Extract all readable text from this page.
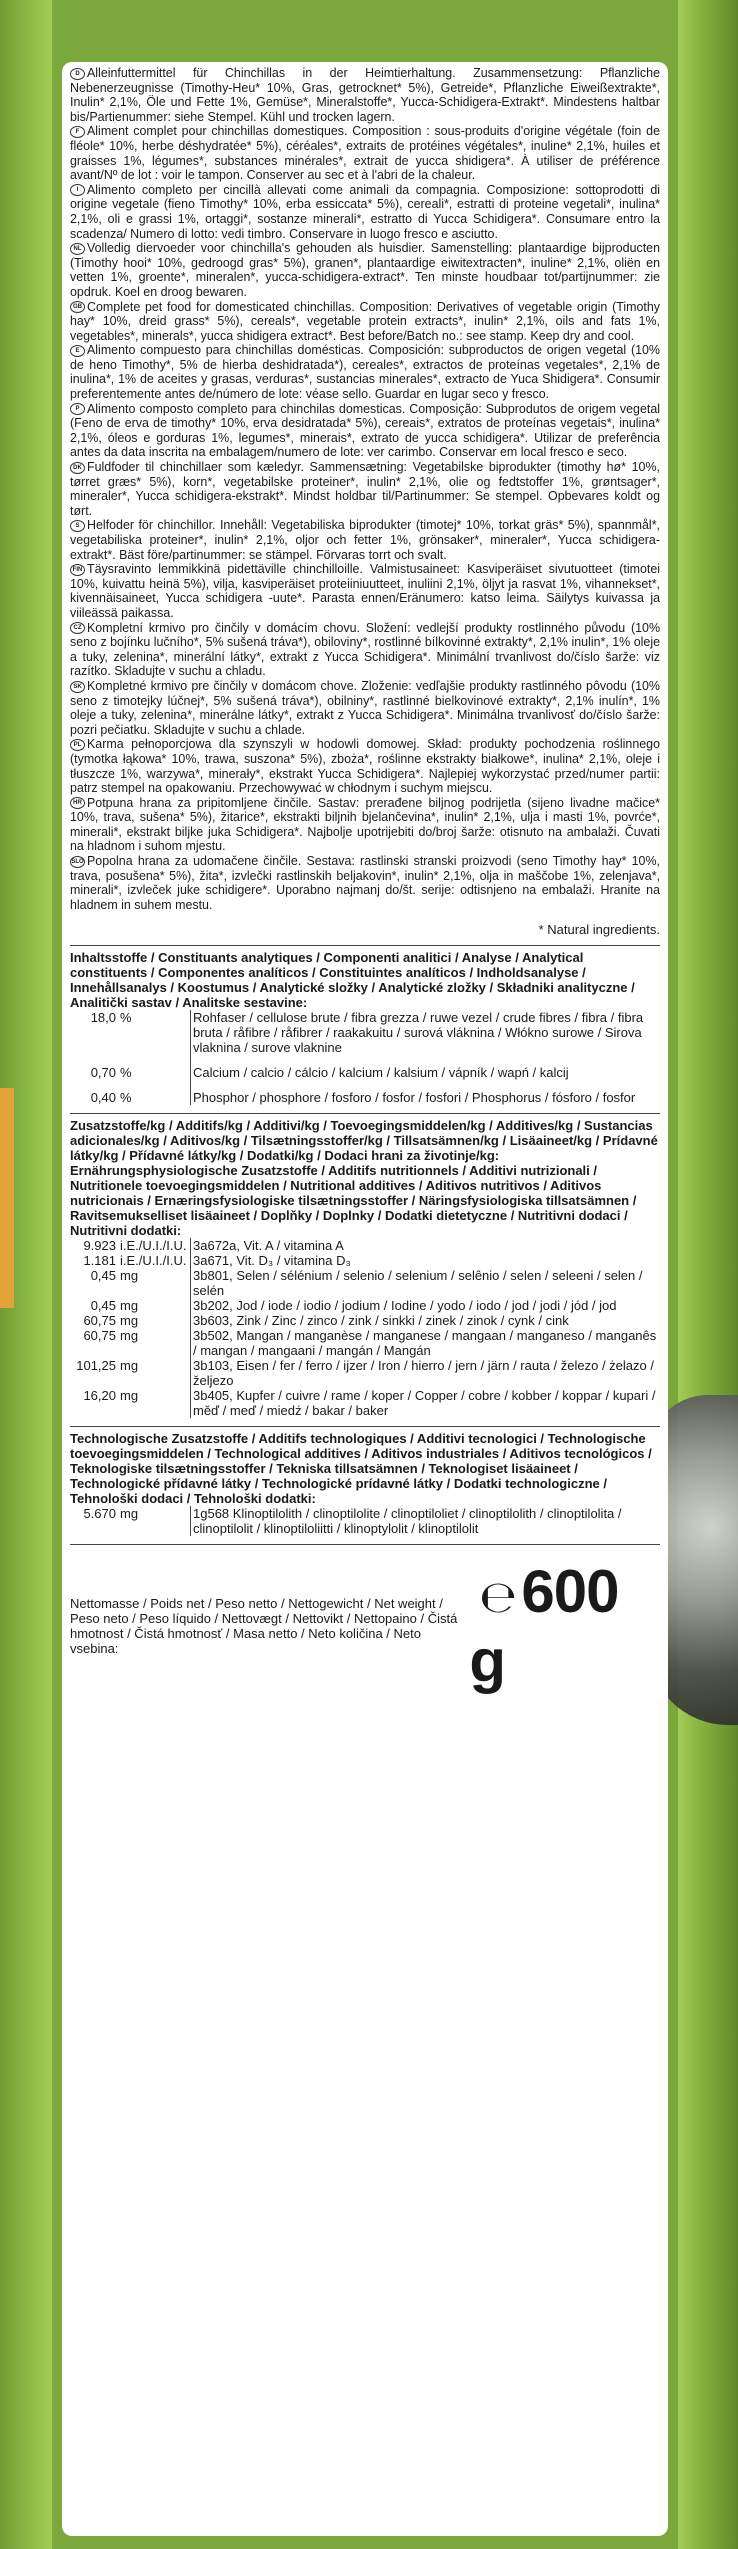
D Alleinfuttermittel für Chinchillas in der Heimtierhaltung. Zusammensetzung: Pflanzliche Nebenerzeugnisse (Timothy-Heu* 10%, Gras, getrocknet* 5%), Getreide*, Pflanzliche Eiweißextrakte*, Inulin* 2,1%, Öle und Fette 1%, Gemüse*, Mineralstoffe*, Yucca-Schidigera-Extrakt*. Mindestens haltbar bis/Partienummer: siehe Stempel. Kühl und trocken lagern.

F Aliment complet pour chinchillas domestiques. Composition : sous-produits d'origine végétale (foin de fléole* 10%, herbe déshydratée* 5%), céréales*, extraits de protéines végétales*, inuline* 2,1%, huiles et graisses 1%, légumes*, substances minérales*, extrait de yucca shidigera*. À utiliser de préférence avant/Nº de lot : voir le tampon. Conserver au sec et à l'abri de la chaleur.

I Alimento completo per cincillà allevati come animali da compagnia. Composizione: sottoprodotti di origine vegetale (fieno Timothy* 10%, erba essiccata* 5%), cereali*, estratti di proteine vegetali*, inulina* 2,1%, oli e grassi 1%, ortaggi*, sostanze minerali*, estratto di Yucca Schidigera*. Consumare entro la scadenza/ Numero di lotto: vedi timbro. Conservare in luogo fresco e asciutto.

NL Volledig diervoeder voor chinchilla's gehouden als huisdier. Samenstelling: plantaardige bijproducten (Timothy hooi* 10%, gedroogd gras* 5%), granen*, plantaardige eiwitextracten*, inuline* 2,1%, oliën en vetten 1%, groente*, mineralen*, yucca-schidigera-extract*. Ten minste houdbaar tot/partijnummer: zie opdruk. Koel en droog bewaren.

GB Complete pet food for domesticated chinchillas. Composition: Derivatives of vegetable origin (Timothy hay* 10%, dreid grass* 5%), cereals*, vegetable protein extracts*, inulin* 2,1%, oils and fats 1%, vegetables*, minerals*, yucca shidigera extract*. Best before/Batch no.: see stamp. Keep dry and cool.

E Alimento compuesto para chinchillas domésticas. Composición: subproductos de origen vegetal (10% de heno Timothy*, 5% de hierba deshidratada*), cereales*, extractos de proteínas vegetales*, 2,1% de inulina*, 1% de aceites y grasas, verduras*, sustancias minerales*, extracto de Yuca Shidigera*. Consumir preferentemente antes de/número de lote: véase sello. Guardar en lugar seco y fresco.

P Alimento composto completo para chinchilas domesticas. Composição: Subprodutos de origem vegetal (Feno de erva de timothy* 10%, erva desidratada* 5%), cereais*, extratos de proteínas vegetais*, inulina* 2,1%, óleos e gorduras 1%, legumes*, minerais*, extrato de yucca schidigera*. Utilizar de preferência antes da data inscrita na embalagem/numero de lote: ver carimbo. Conservar em local fresco e seco.

DK Fuldfoder til chinchillaer som kæledyr. Sammensætning: Vegetabilske biprodukter (timothy hø* 10%, tørret græs* 5%), korn*, vegetabilske proteiner*, inulin* 2,1%, olie og fedtstoffer 1%, grøntsager*, mineraler*, Yucca schidigera-ekstrakt*. Mindst holdbar til/Partinummer: Se stempel. Opbevares koldt og tørt.

S Helfoder för chinchillor. Innehåll: Vegetabiliska biprodukter (timotej* 10%, torkat gräs* 5%), spannmål*, vegetabiliska proteiner*, inulin* 2,1%, oljor och fetter 1%, grönsaker*, mineraler*, Yucca schidigera-extrakt*. Bäst före/partinummer: se stämpel. Förvaras torrt och svalt.

FIN Täysravinto lemmikkinä pidettäville chinchilloille. Valmistusaineet: Kasviperäiset sivutuotteet (timotei 10%, kuivattu heinä 5%), vilja, kasviperäiset proteiiniuutteet, inuliini 2,1%, öljyt ja rasvat 1%, vihannekset*, kivennäisaineet, Yucca schidigera -uute*. Parasta ennen/Eränumero: katso leima. Säilytys kuivassa ja viileässä paikassa.

CZ Kompletní krmivo pro činčily v domácím chovu. Složení: vedlejší produkty rostlinného původu (10% seno z bojínku lučního*, 5% sušená tráva*), obiloviny*, rostlinné bílkovinné extrakty*, 2,1% inulin*, 1% oleje a tuky, zelenina*, minerální látky*, extrakt z Yucca Schidigera*. Minimální trvanlivost do/číslo šarže: viz razítko. Skladujte v suchu a chladu.

SK Kompletné krmivo pre činčily v domácom chove. Zloženie: vedľajšie produkty rastlinného pôvodu (10% seno z timotejky lúčnej*, 5% sušená tráva*), obilniny*, rastlinné bielkovinové extrakty*, 2,1% inulín*, 1% oleje a tuky, zelenina*, minerálne látky*, extrakt z Yucca Schidigera*. Minimálna trvanlivosť do/číslo šarže: pozri pečiatku. Skladujte v suchu a chlade.

PL Karma pełnoporcjowa dla szynszyli w hodowli domowej. Skład: produkty pochodzenia roślinnego (tymotka łąkowa* 10%, trawa, suszona* 5%), zboża*, roślinne ekstrakty białkowe*, inulina* 2,1%, oleje i tłuszcze 1%, warzywa*, minerały*, ekstrakt Yucca Schidigera*. Najlepiej wykorzystać przed/numer partii: patrz stempel na opakowaniu. Przechowywać w chłodnym i suchym miejscu.

HR Potpuna hrana za pripitomljene činčile. Sastav: prerađene biljnog podrijetla (sijeno livadne mačice* 10%, trava, sušena* 5%), žitarice*, ekstrakti biljnih bjelančevina*, inulin* 2,1%, ulja i masti 1%, povrće*, minerali*, ekstrakt biljke juka Schidigera*. Najbolje upotrijebiti do/broj šarže: otisnuto na ambalaži. Čuvati na hladnom i suhom mjestu.

SLO Popolna hrana za udomačene činčile. Sestava: rastlinski stranski proizvodi (seno Timothy hay* 10%, trava, posušena* 5%), žita*, izvlečki rastlinskih beljakovin*, inulin* 2,1%, olja in maščobe 1%, zelenjava*, minerali*, izvleček juke schidigere*. Uporabno najmanj do/št. serije: odtisnjeno na embalaži. Hranite na hladnem in suhem mestu.

* Natural ingredients.
Inhaltsstoffe / Constituants analytiques / Componenti analitici / Analyse / Analytical constituents / Componentes analíticos / Constituintes analíticos / Indholdsanalyse / Innehållsanalys / Koostumus / Analytické složky / Analytické zložky / Składniki analityczne / Analitički sastav / Analitske sestavine:
18,0	%	Rohfaser / cellulose brute / fibra grezza / ruwe vezel / crude fibres / fibra / fibra bruta / råfibre / råfibrer / raakakuitu / surová vláknina / Włókno surowe / Sirova vlaknina / surove vlaknine
0,70	%	Calcium / calcio / cálcio / kalcium / kalsium / vápník / wapń / kalcij
0,40	%	Phosphor / phosphore / fosforo / fosfor / fosfori / Phosphorus / fósforo / fosfor
Zusatzstoffe/kg / Additifs/kg / Additivi/kg / Toevoegingsmiddelen/kg / Additives/kg / Sustancias adicionales/kg / Aditivos/kg / Tilsætningsstoffer/kg / Tillsatsämnen/kg / Lisäaineet/kg / Prídavné látky/kg / Přídavné látky/kg / Dodatki/kg / Dodaci hrani za životinje/kg:
Ernährungsphysiologische Zusatzstoffe / Additifs nutritionnels / Additivi nutrizionali / Nutritionele toevoegingsmiddelen / Nutritional additives / Aditivos nutritivos / Aditivos nutricionais / Ernæringsfysiologiske tilsætningsstoffer / Näringsfysiologiska tillsatsämnen / Ravitsemukselliset lisäaineet / Doplňky / Doplnky / Dodatki dietetyczne / Nutritivni dodaci / Nutritivni dodatki:
9.923	i.E./U.I./I.U.	3a672a, Vit. A / vitamina A
1.181	i.E./U.I./I.U.	3a671, Vit. D₃ / vitamina D₃
0,45	mg	3b801, Selen / sélénium / selenio / selenium / selênio / selen / seleeni / selen / selén
0,45	mg	3b202, Jod / iode / iodio / jodium / Iodine / yodo / iodo / jod / jodi / jód / jod
60,75	mg	3b603, Zink / Zinc / zinco / zink / sinkki / zinek / zinok / cynk / cink
60,75	mg	3b502, Mangan / manganèse / manganese / mangaan / manganeso / manganês / mangan / mangaani / mangán / Mangán
101,25	mg	3b103, Eisen / fer / ferro / ijzer / Iron / hierro / jern / järn / rauta / železo / żelazo / željezo
16,20	mg	3b405, Kupfer / cuivre / rame / koper / Copper / cobre / kobber / koppar / kupari / měď / meď / miedź / bakar / baker
Technologische Zusatzstoffe / Additifs technologiques / Additivi tecnologici / Technologische toevoegingsmiddelen / Technological additives / Aditivos industriales / Aditivos tecnológicos / Teknologiske tilsætningsstoffer / Tekniska tillsatsämnen / Teknologiset lisäaineet / Technologické přídavné látky / Technologické prídavné látky / Dodatki technologiczne / Tehnološki dodaci / Tehnološki dodatki:
5.670	mg	1g568 Klinoptilolith / clinoptilolite / clinoptiloliet / clinoptilolith / clinoptilolita / clinoptilolit / klinoptiloliitti / klinoptylolit / klinoptilolit
Nettomasse / Poids net / Peso netto / Nettogewicht / Net weight / Peso neto / Peso líquido / Nettovægt / Nettovikt / Nettopaino / Čistá hmotnost / Čistá hmotnosť / Masa netto / Neto količina / Neto vsebina:
℮ 600 g
